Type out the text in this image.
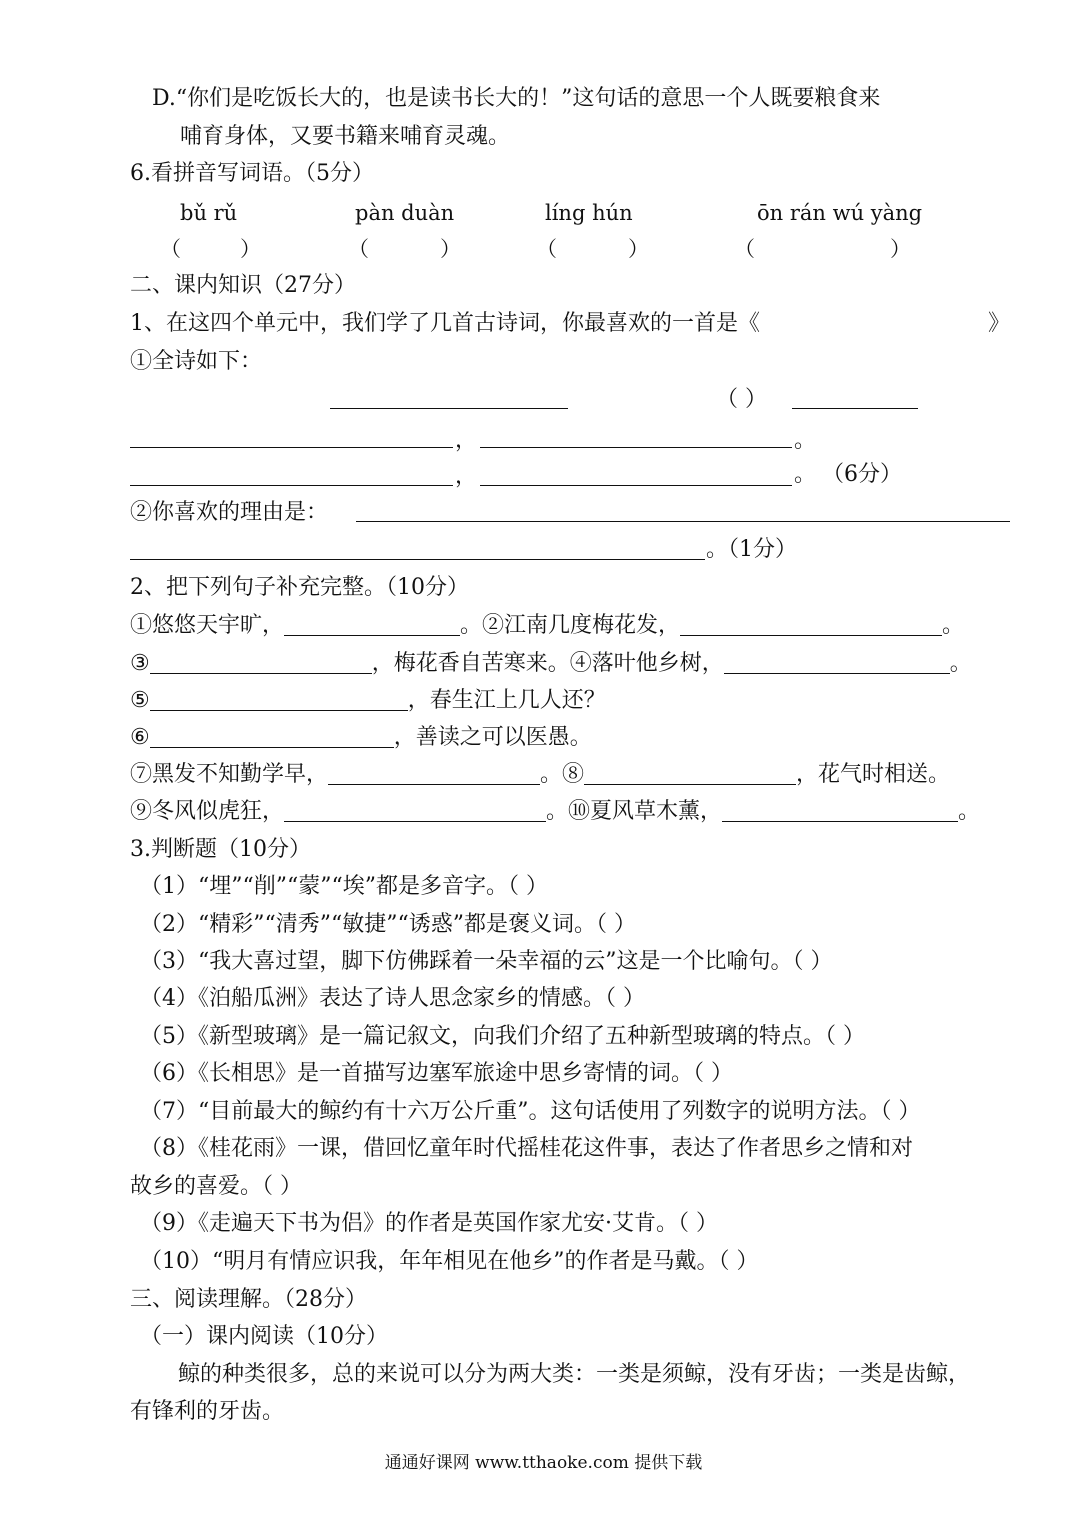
D.“你们是吃饭长大的，也是读书长大的！”这句话的意思一个人既要粮食来
哺育身体，又要书籍来哺育灵魂。
6.看拼音写词语。（5分）
bǔ rǔ	pàn duàn	líng hún	ōn rán wú yàng
（	）	（	）	（	）	（	）
二、课内知识（27分）
1、在这四个单元中，我们学了几首古诗词，你最喜欢的一首是《	》
①全诗如下：
（ ）
，	。
，	。 （6分）
②你喜欢的理由是：
。（1分）
2、把下列句子补充完整。（10分）
①悠悠天宇旷，	。②江南几度梅花发，	。
③	，梅花香自苦寒来。④落叶他乡树，	。
⑤	，春生江上几人还？
⑥	，善读之可以医愚。
⑦黑发不知勤学早，	。⑧	，花气时相送。
⑨冬风似虎狂，	。⑩夏风草木薰，	。
3.判断题（10分）
（1）“埋”“削”“蒙”“埃”都是多音字。（ ）
（2）“精彩”“清秀”“敏捷”“诱惑”都是褒义词。（ ）
（3）“我大喜过望，脚下仿佛踩着一朵幸福的云”这是一个比喻句。（ ）
（4）《泊船瓜洲》表达了诗人思念家乡的情感。（ ）
（5）《新型玻璃》是一篇记叙文，向我们介绍了五种新型玻璃的特点。（ ）
（6）《长相思》是一首描写边塞军旅途中思乡寄情的词。（ ）
（7）“目前最大的鲸约有十六万公斤重”。这句话使用了列数字的说明方法。（ ）
（8）《桂花雨》一课，借回忆童年时代摇桂花这件事，表达了作者思乡之情和对
故乡的喜爱。（ ）
（9）《走遍天下书为侣》的作者是英国作家尤安·艾肯。（ ）
（10）“明月有情应识我，年年相见在他乡”的作者是马戴。（ ）
三、阅读理解。（28分）
（一）课内阅读（10分）
鲸的种类很多，总的来说可以分为两大类：一类是须鲸，没有牙齿；一类是齿鲸，
有锋利的牙齿。
通通好课网 www.tthaoke.com 提供下载
